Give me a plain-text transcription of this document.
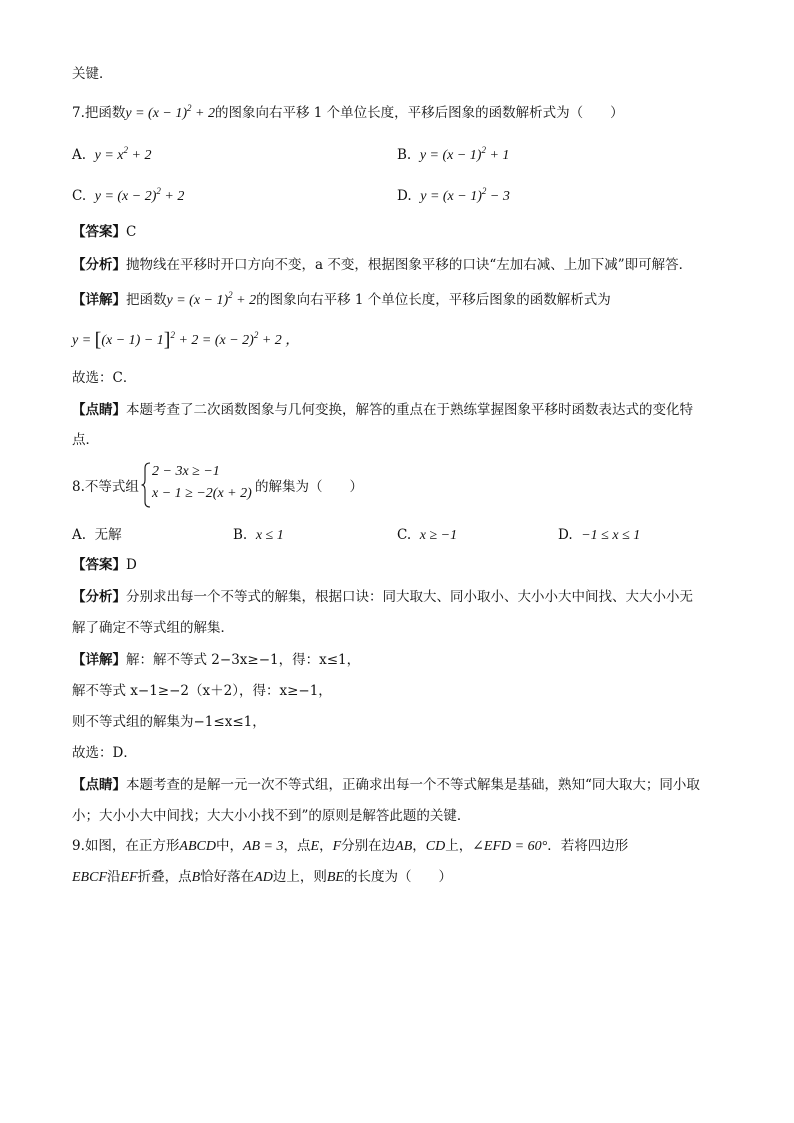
关键．
7.把函数$y = (x - 1)^2 + 2$的图象向右平移 1 个单位长度，平移后图象的函数解析式为（　　）
A. $y = x^2 + 2$	B. $y = (x - 1)^2 + 1$
C. $y = (x - 2)^2 + 2$	D. $y = (x - 1)^2 - 3$
【答案】C
【分析】抛物线在平移时开口方向不变，a 不变，根据图象平移的口诀“左加右减、上加下减”即可解答．
【详解】把函数$y = (x - 1)^2 + 2$的图象向右平移 1 个单位长度，平移后图象的函数解析式为
$y = [(x - 1) - 1]^2 + 2 = (x - 2)^2 + 2$ ，
故选：C．
【点睛】本题考查了二次函数图象与几何变换，解答的重点在于熟练掌握图象平移时函数表达式的变化特
点．
8.不等式组
2 − 3x ≥ −1
x − 1 ≥ −2(x + 2) 的解集为（　　）
A. 无解	B. x ≤ 1	C. x ≥ −1	D. −1 ≤ x ≤ 1
【答案】D
【分析】分别求出每一个不等式的解集，根据口诀：同大取大、同小取小、大小小大中间找、大大小小无
解了确定不等式组的解集．
【详解】解：解不等式 2−3x≥−1，得：x≤1，
解不等式 x−1≥−2（x＋2），得：x≥−1，
则不等式组的解集为−1≤x≤1，
故选：D．
【点睛】本题考查的是解一元一次不等式组，正确求出每一个不等式解集是基础，熟知“同大取大；同小取
小；大小小大中间找；大大小小找不到”的原则是解答此题的关键．
9.如图，在正方形ABCD中，AB = 3，点E，F分别在边AB，CD上，∠EFD = 60°．若将四边形
EBCF沿EF折叠，点B恰好落在AD边上，则BE的长度为（　　）
